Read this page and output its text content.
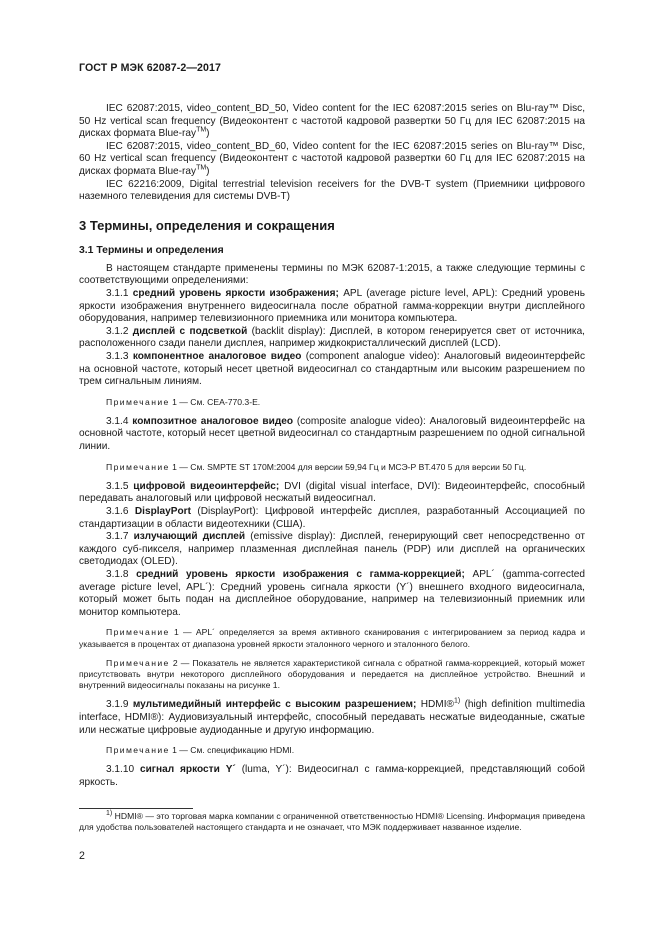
ГОСТ Р МЭК 62087-2—2017

IEC 62087:2015, video_content_BD_50, Video content for the IEC 62087:2015 series on Blu-ray™ Disc, 50 Hz vertical scan frequency (Видеоконтент с частотой кадровой развертки 50 Гц для IEC 62087:2015 на дисках формата Blue-ray™)

IEC 62087:2015, video_content_BD_60, Video content for the IEC 62087:2015 series on Blu-ray™ Disc, 60 Hz vertical scan frequency (Видеоконтент с частотой кадровой развертки 60 Гц для IEC 62087:2015 на дисках формата Blue-ray™)

IEC 62216:2009, Digital terrestrial television receivers for the DVB-T system (Приемники цифрового наземного телевидения для системы DVB-T)

3 Термины, определения и сокращения
3.1 Термины и определения

В настоящем стандарте применены термины по МЭК 62087-1:2015, а также следующие термины с соответствующими определениями:

3.1.1 средний уровень яркости изображения; APL (average picture level, APL): Средний уровень яркости изображения внутреннего видеосигнала после обратной гамма-коррекции внутри дисплейного оборудования, например телевизионного приемника или монитора компьютера.

3.1.2 дисплей с подсветкой (backlit display): Дисплей, в котором генерируется свет от источника, расположенного сзади панели дисплея, например жидкокристаллический дисплей (LCD).

3.1.3 компонентное аналоговое видео (component analogue video): Аналоговый видеоинтерфейс на основной частоте, который несет цветной видеосигнал со стандартным или высоким разрешением по трем сигнальным линиям.

Примечание 1 — См. CEA-770.3-E.

3.1.4 композитное аналоговое видео (composite analogue video): Аналоговый видеоинтерфейс на основной частоте, который несет цветной видеосигнал со стандартным разрешением по одной сигнальной линии.

Примечание 1 — См. SMPTE ST 170M:2004 для версии 59,94 Гц и МСЭ-Р BT.470 5 для версии 50 Гц.

3.1.5 цифровой видеоинтерфейс; DVI (digital visual interface, DVI): Видеоинтерфейс, способный передавать аналоговый или цифровой несжатый видеосигнал.

3.1.6 DisplayPort (DisplayPort): Цифровой интерфейс дисплея, разработанный Ассоциацией по стандартизации в области видеотехники (США).

3.1.7 излучающий дисплей (emissive display): Дисплей, генерирующий свет непосредственно от каждого суб-пикселя, например плазменная дисплейная панель (PDP) или дисплей на органических светодиодах (OLED).

3.1.8 средний уровень яркости изображения с гамма-коррекцией; APL´ (gamma-corrected average picture level, APL´): Средний уровень сигнала яркости (Y´) внешнего входного видеосигнала, который может быть подан на дисплейное оборудование, например на телевизионный приемник или монитор компьютера.

Примечание 1 — APL´ определяется за время активного сканирования с интегрированием за период кадра и указывается в процентах от диапазона уровней яркости эталонного черного и эталонного белого.

Примечание 2 — Показатель не является характеристикой сигнала с обратной гамма-коррекцией, который может присутствовать внутри некоторого дисплейного оборудования и передается на дисплейное устройство. Внешний и внутренний видеосигналы показаны на рисунке 1.

3.1.9 мультимедийный интерфейс с высоким разрешением; HDMI®$^{1)}$ (high definition multimedia interface, HDMI®): Аудиовизуальный интерфейс, способный передавать несжатые видеоданные, сжатые или несжатые цифровые аудиоданные и другую информацию.

Примечание 1 — См. спецификацию HDMI.

3.1.10 сигнал яркости Y´ (luma, Y´): Видеосигнал с гамма-коррекцией, представляющий собой яркость.

$^{1)}$ HDMI® — это торговая марка компании с ограниченной ответственностью HDMI® Licensing. Информация приведена для удобства пользователей настоящего стандарта и не означает, что МЭК поддерживает названное изделие.
2
